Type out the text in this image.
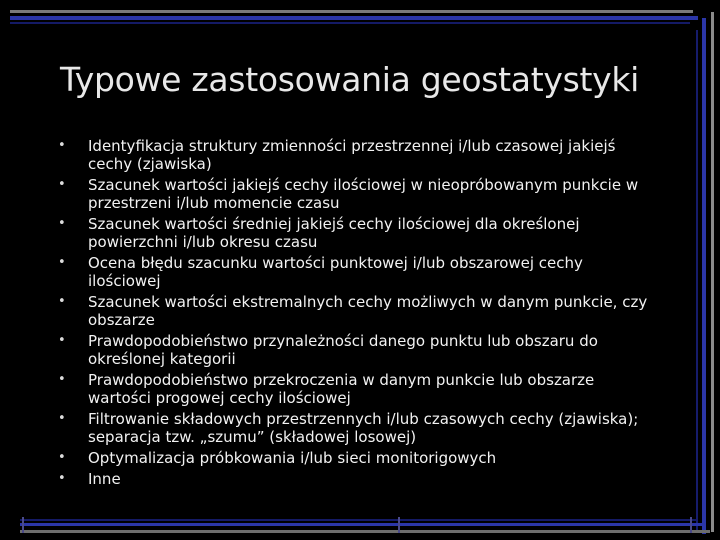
Typowe zastosowania geostatystyki
•	Identyfikacja struktury zmienności przestrzennej i/lub czasowej jakiejś cechy (zjawiska)
•	Szacunek wartości jakiejś cechy ilościowej w nieopróbowanym punkcie w przestrzeni i/lub momencie czasu
•	Szacunek wartości średniej jakiejś cechy ilościowej dla określonej powierzchni i/lub okresu czasu
•	Ocena błędu szacunku wartości punktowej i/lub obszarowej cechy ilościowej
•	Szacunek wartości ekstremalnych cechy możliwych w danym punkcie, czy obszarze
•	Prawdopodobieństwo przynależności danego punktu lub obszaru do określonej kategorii
•	Prawdopodobieństwo przekroczenia w danym punkcie lub obszarze wartości progowej cechy ilościowej
•	Filtrowanie składowych przestrzennych i/lub czasowych cechy (zjawiska); separacja tzw. „szumu” (składowej losowej)
•	Optymalizacja próbkowania i/lub sieci monitorigowych
•	Inne
